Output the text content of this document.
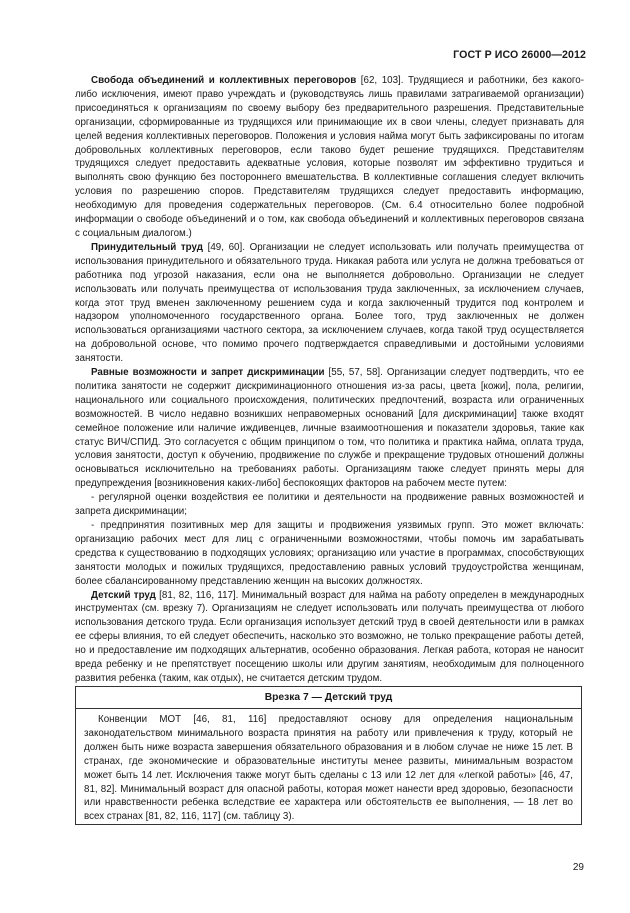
ГОСТ Р ИСО 26000—2012

Свобода объединений и коллективных переговоров [62, 103]. Трудящиеся и работники, без какого-либо исключения, имеют право учреждать и (руководствуясь лишь правилами затрагиваемой организации) присоединяться к организациям по своему выбору без предварительного разрешения. Представительные организации, сформированные из трудящихся или принимающие их в свои члены, следует признавать для целей ведения коллективных переговоров. Положения и условия найма могут быть зафиксированы по итогам добровольных коллективных переговоров, если таково будет решение трудящихся. Представителям трудящихся следует предоставить адекватные условия, которые позволят им эффективно трудиться и выполнять свою функцию без постороннего вмешательства. В коллективные соглашения следует включить условия по разрешению споров. Представителям трудящихся следует предоставить информацию, необходимую для проведения содержательных переговоров. (См. 6.4 относительно более подробной информации о свободе объединений и о том, как свобода объединений и коллективных переговоров связана с социальным диалогом.)

Принудительный труд [49, 60]. Организации не следует использовать или получать преимущества от использования принудительного и обязательного труда. Никакая работа или услуга не должна требоваться от работника под угрозой наказания, если она не выполняется добровольно. Организации не следует использовать или получать преимущества от использования труда заключенных, за исключением случаев, когда этот труд вменен заключенному решением суда и когда заключенный трудится под контролем и надзором уполномоченного государственного органа. Более того, труд заключенных не должен использоваться организациями частного сектора, за исключением случаев, когда такой труд осуществляется на добровольной основе, что помимо прочего подтверждается справедливыми и достойными условиями занятости.

Равные возможности и запрет дискриминации [55, 57, 58]. Организации следует подтвердить, что ее политика занятости не содержит дискриминационного отношения из-за расы, цвета [кожи], пола, религии, национального или социального происхождения, политических предпочтений, возраста или ограниченных возможностей. В число недавно возникших неправомерных оснований [для дискриминации] также входят семейное положение или наличие иждивенцев, личные взаимоотношения и показатели здоровья, такие как статус ВИЧ/СПИД. Это согласуется с общим принципом о том, что политика и практика найма, оплата труда, условия занятости, доступ к обучению, продвижение по службе и прекращение трудовых отношений должны основываться исключительно на требованиях работы. Организациям также следует принять меры для предупреждения [возникновения каких-либо] беспокоящих факторов на рабочем месте путем:

- регулярной оценки воздействия ее политики и деятельности на продвижение равных возможностей и запрета дискриминации;

- предпринятия позитивных мер для защиты и продвижения уязвимых групп. Это может включать: организацию рабочих мест для лиц с ограниченными возможностями, чтобы помочь им зарабатывать средства к существованию в подходящих условиях; организацию или участие в программах, способствующих занятости молодых и пожилых трудящихся, предоставлению равных условий трудоустройства женщинам, более сбалансированному представлению женщин на высоких должностях.

Детский труд [81, 82, 116, 117]. Минимальный возраст для найма на работу определен в международных инструментах (см. врезку 7). Организациям не следует использовать или получать преимущества от любого использования детского труда. Если организация использует детский труд в своей деятельности или в рамках ее сферы влияния, то ей следует обеспечить, насколько это возможно, не только прекращение работы детей, но и предоставление им подходящих альтернатив, особенно образования. Легкая работа, которая не наносит вреда ребенку и не препятствует посещению школы или другим занятиям, необходимым для полноценного развития ребенка (таким, как отдых), не считается детским трудом.

Врезка 7 — Детский труд

Конвенции МОТ [46, 81, 116] предоставляют основу для определения национальным законодательством минимального возраста принятия на работу или привлечения к труду, который не должен быть ниже возраста завершения обязательного образования и в любом случае не ниже 15 лет. В странах, где экономические и образовательные институты менее развиты, минимальным возрастом может быть 14 лет. Исключения также могут быть сделаны с 13 или 12 лет для «легкой работы» [46, 47, 81, 82]. Минимальный возраст для опасной работы, которая может нанести вред здоровью, безопасности или нравственности ребенка вследствие ее характера или обстоятельств ее выполнения, — 18 лет во всех странах [81, 82, 116, 117] (см. таблицу 3).

29
